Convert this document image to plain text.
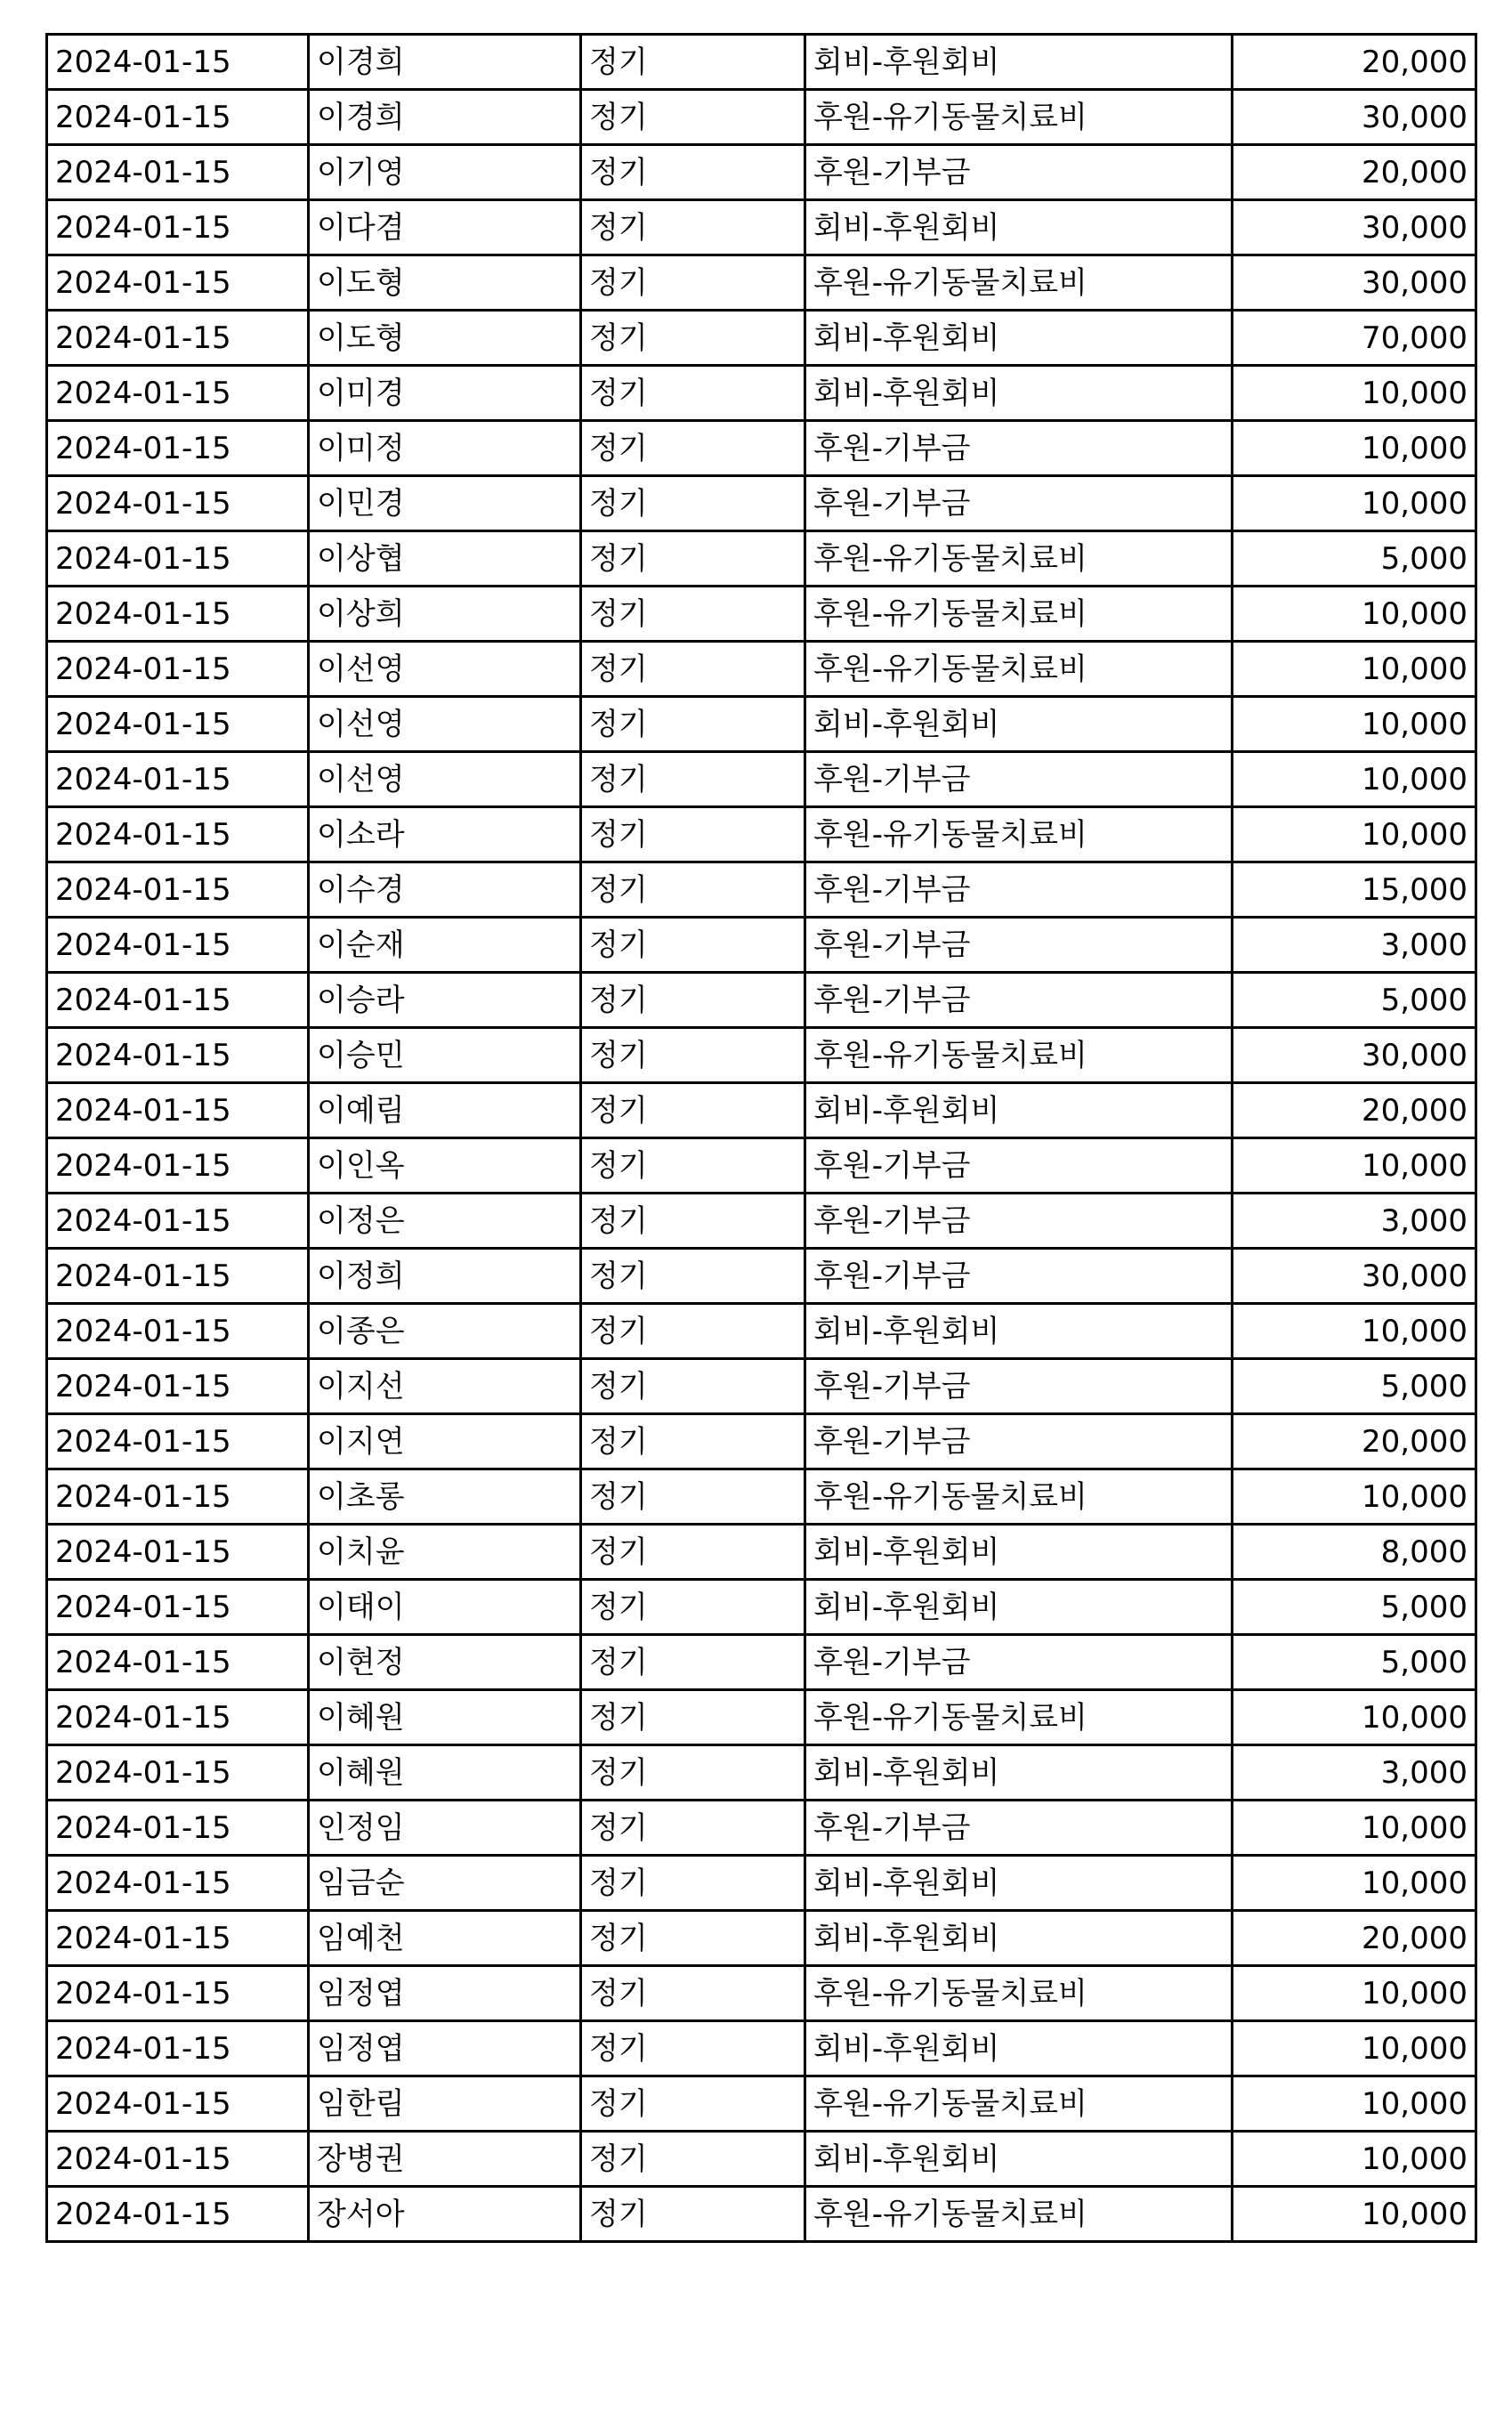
2024-01-15	이경희	정기	회비-후원회비	20,000
2024-01-15	이경희	정기	후원-유기동물치료비	30,000
2024-01-15	이기영	정기	후원-기부금	20,000
2024-01-15	이다겸	정기	회비-후원회비	30,000
2024-01-15	이도형	정기	후원-유기동물치료비	30,000
2024-01-15	이도형	정기	회비-후원회비	70,000
2024-01-15	이미경	정기	회비-후원회비	10,000
2024-01-15	이미정	정기	후원-기부금	10,000
2024-01-15	이민경	정기	후원-기부금	10,000
2024-01-15	이상협	정기	후원-유기동물치료비	5,000
2024-01-15	이상희	정기	후원-유기동물치료비	10,000
2024-01-15	이선영	정기	후원-유기동물치료비	10,000
2024-01-15	이선영	정기	회비-후원회비	10,000
2024-01-15	이선영	정기	후원-기부금	10,000
2024-01-15	이소라	정기	후원-유기동물치료비	10,000
2024-01-15	이수경	정기	후원-기부금	15,000
2024-01-15	이순재	정기	후원-기부금	3,000
2024-01-15	이승라	정기	후원-기부금	5,000
2024-01-15	이승민	정기	후원-유기동물치료비	30,000
2024-01-15	이예림	정기	회비-후원회비	20,000
2024-01-15	이인옥	정기	후원-기부금	10,000
2024-01-15	이정은	정기	후원-기부금	3,000
2024-01-15	이정희	정기	후원-기부금	30,000
2024-01-15	이종은	정기	회비-후원회비	10,000
2024-01-15	이지선	정기	후원-기부금	5,000
2024-01-15	이지연	정기	후원-기부금	20,000
2024-01-15	이초롱	정기	후원-유기동물치료비	10,000
2024-01-15	이치윤	정기	회비-후원회비	8,000
2024-01-15	이태이	정기	회비-후원회비	5,000
2024-01-15	이현정	정기	후원-기부금	5,000
2024-01-15	이혜원	정기	후원-유기동물치료비	10,000
2024-01-15	이혜원	정기	회비-후원회비	3,000
2024-01-15	인정임	정기	후원-기부금	10,000
2024-01-15	임금순	정기	회비-후원회비	10,000
2024-01-15	임예천	정기	회비-후원회비	20,000
2024-01-15	임정엽	정기	후원-유기동물치료비	10,000
2024-01-15	임정엽	정기	회비-후원회비	10,000
2024-01-15	임한림	정기	후원-유기동물치료비	10,000
2024-01-15	장병권	정기	회비-후원회비	10,000
2024-01-15	장서아	정기	후원-유기동물치료비	10,000
